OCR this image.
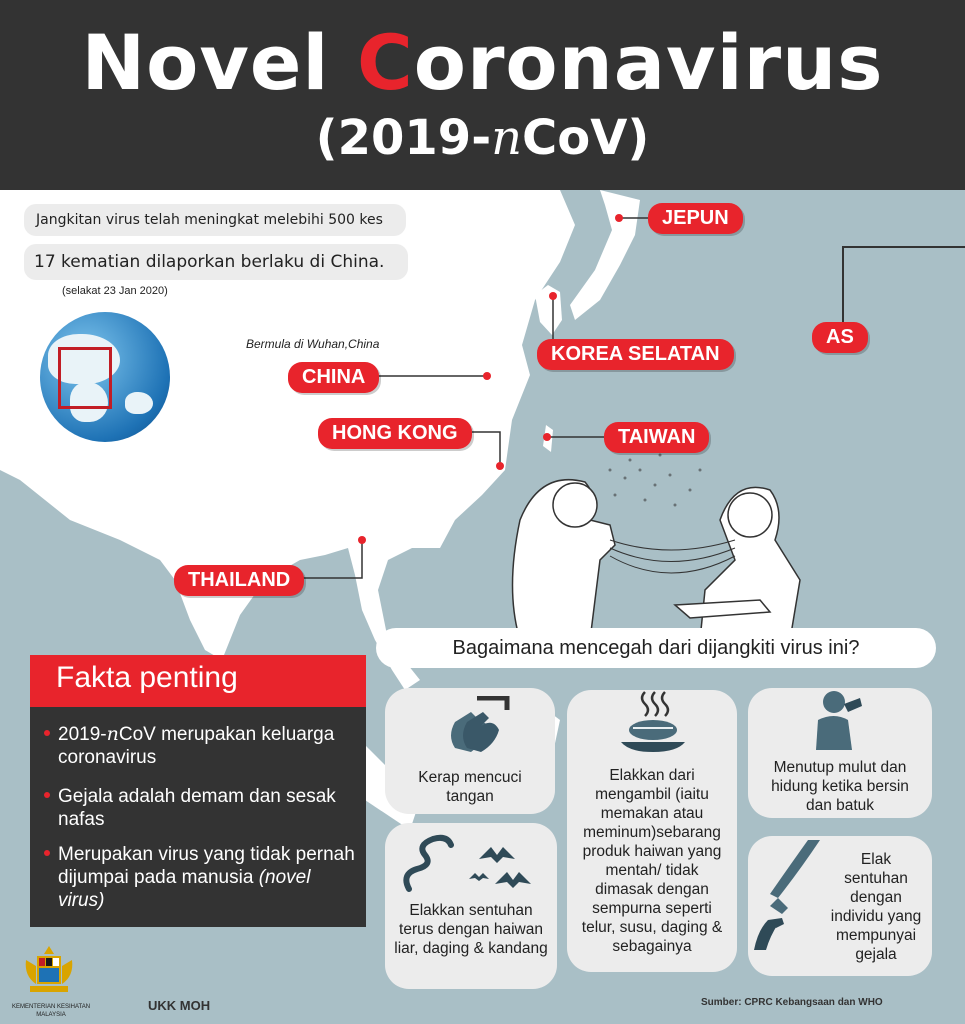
Novel Coronavirus
(2019-nCoV)
Jangkitan virus telah meningkat melebihi 500 kes
17 kematian dilaporkan berlaku di China.
(selakat 23 Jan 2020)
Bermula di Wuhan,China
JEPUN
KOREA SELATAN
AS
CHINA
HONG KONG	TAIWAN
THAILAND
Fakta penting
2019-nCoV merupakan keluarga coronavirus
Gejala adalah demam dan sesak nafas
Merupakan virus yang tidak pernah dijumpai pada manusia (novel virus)
Bagaimana mencegah dari dijangkiti virus ini?
Kerap mencuci tangan
Elakkan dari mengambil (iaitu memakan atau meminum)sebarang produk haiwan yang mentah/ tidak dimasak dengan sempurna seperti telur, susu, daging & sebagainya
Menutup mulut dan hidung ketika bersin dan batuk
Elakkan sentuhan terus dengan haiwan liar, daging & kandang
Elak sentuhan dengan individu yang mempunyai gejala
KEMENTERIAN KESIHATAN MALAYSIA
UKK MOH	Sumber: CPRC Kebangsaan dan WHO
